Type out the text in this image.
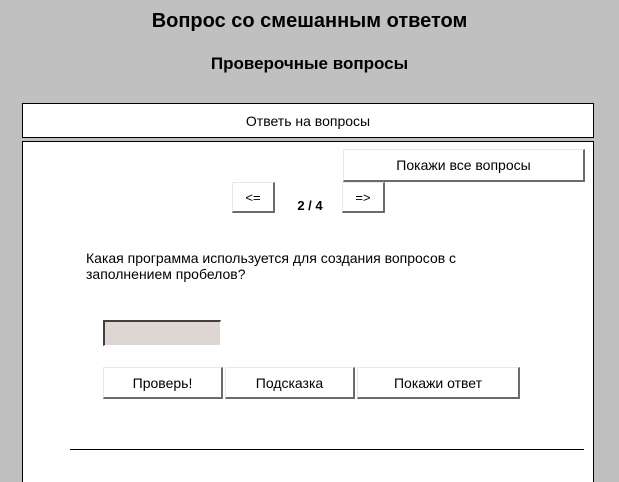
Вопрос со смешанным ответом
Проверочные вопросы
Ответь на вопросы
Покажи все вопросы
<=
2 / 4
=>
Какая программа используется для создания вопросов с заполнением пробелов?
Проверь!	Подсказка	Покажи ответ
